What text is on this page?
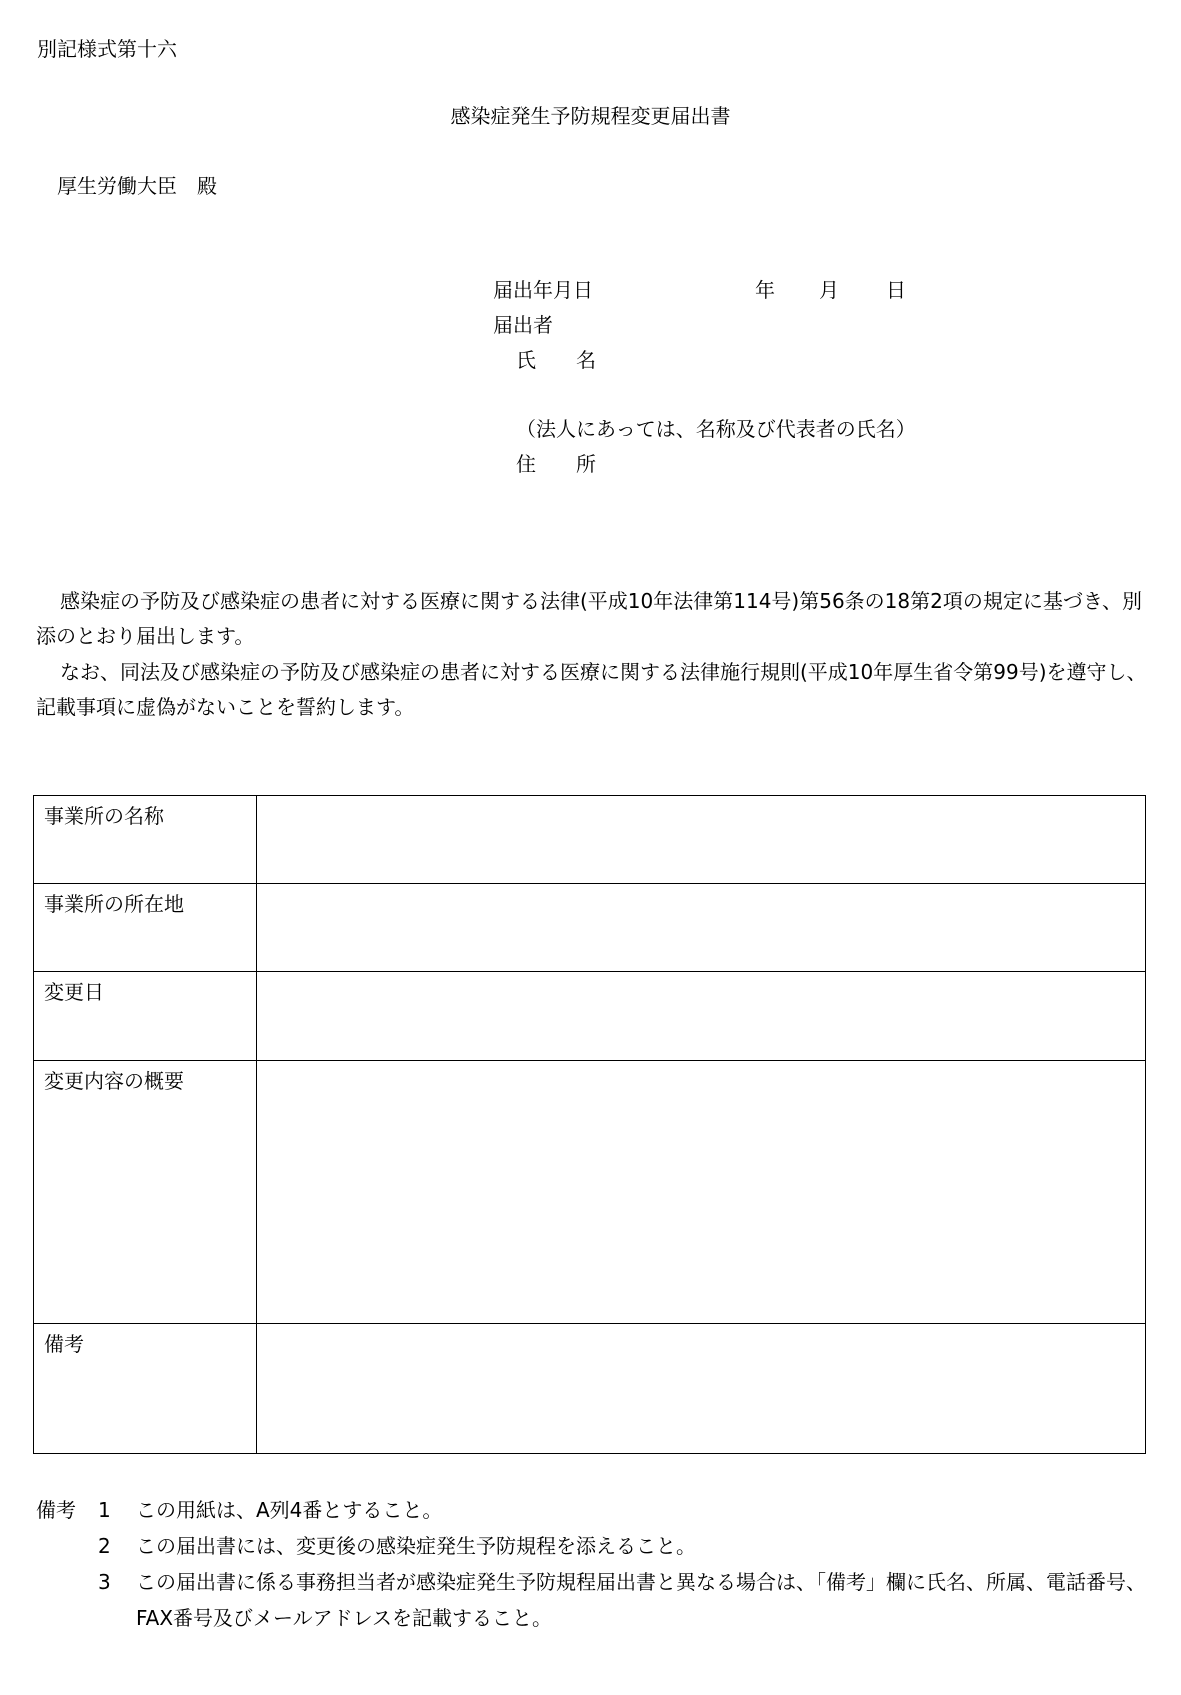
別記様式第十六
感染症発生予防規程変更届出書
厚生労働大臣　殿
届出年月日	年 月 日
届出者
氏　　名
（法人にあっては、名称及び代表者の氏名）
住　　所
感染症の予防及び感染症の患者に対する医療に関する法律(平成10年法律第114号)第56条の18第2項の規定に基づき、別添のとおり届出します。
なお、同法及び感染症の予防及び感染症の患者に対する医療に関する法律施行規則(平成10年厚生省令第99号)を遵守し、記載事項に虚偽がないことを誓約します。
事業所の名称	
事業所の所在地	
変更日	
変更内容の概要	
備考	
備考	1	この用紙は、A列4番とすること。
2	この届出書には、変更後の感染症発生予防規程を添えること。
3	この届出書に係る事務担当者が感染症発生予防規程届出書と異なる場合は、「備考」欄に氏名、所属、電話番号、FAX番号及びメールアドレスを記載すること。
